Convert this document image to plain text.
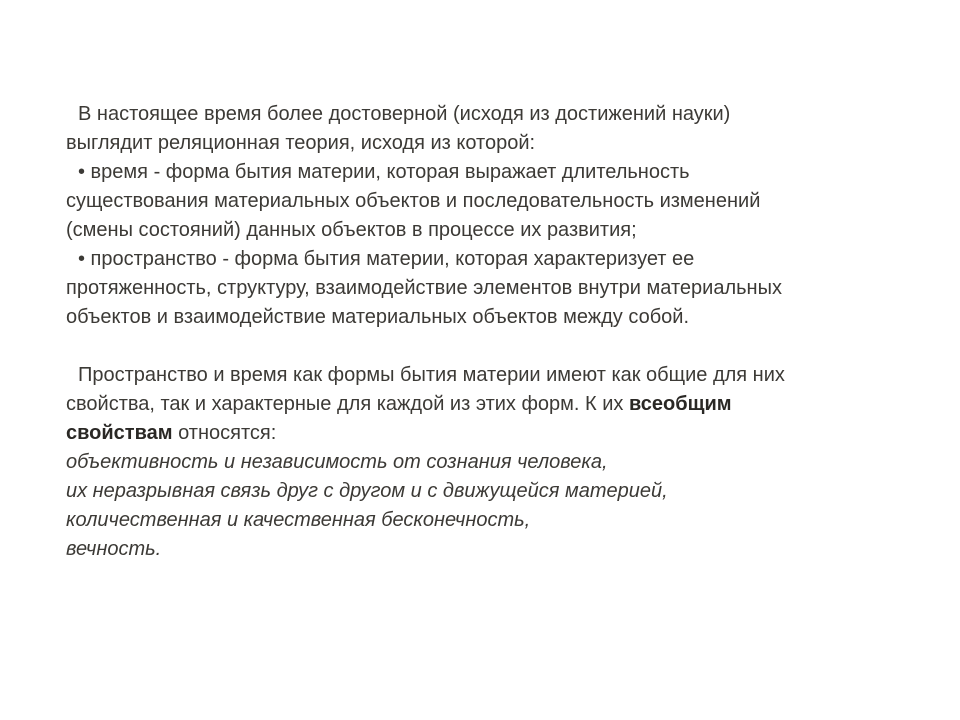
В настоящее время более достоверной (исходя из достижений науки)
выглядит реляционная теория, исходя из которой:
• время - форма бытия материи, которая выражает длительность
существования материальных объектов и последовательность изменений
(смены состояний) данных объектов в процессе их развития;
• пространство - форма бытия материи, которая характеризует ее
протяженность, структуру, взаимодействие элементов внутри материальных
объектов и взаимодействие материальных объектов между собой.

Пространство и время как формы бытия материи имеют как общие для них
свойства, так и характерные для каждой из этих форм. К их всеобщим
свойствам относятся:
объективность и независимость от сознания человека,
их неразрывная связь друг с другом и с движущейся материей,
количественная и качественная бесконечность,
вечность.
